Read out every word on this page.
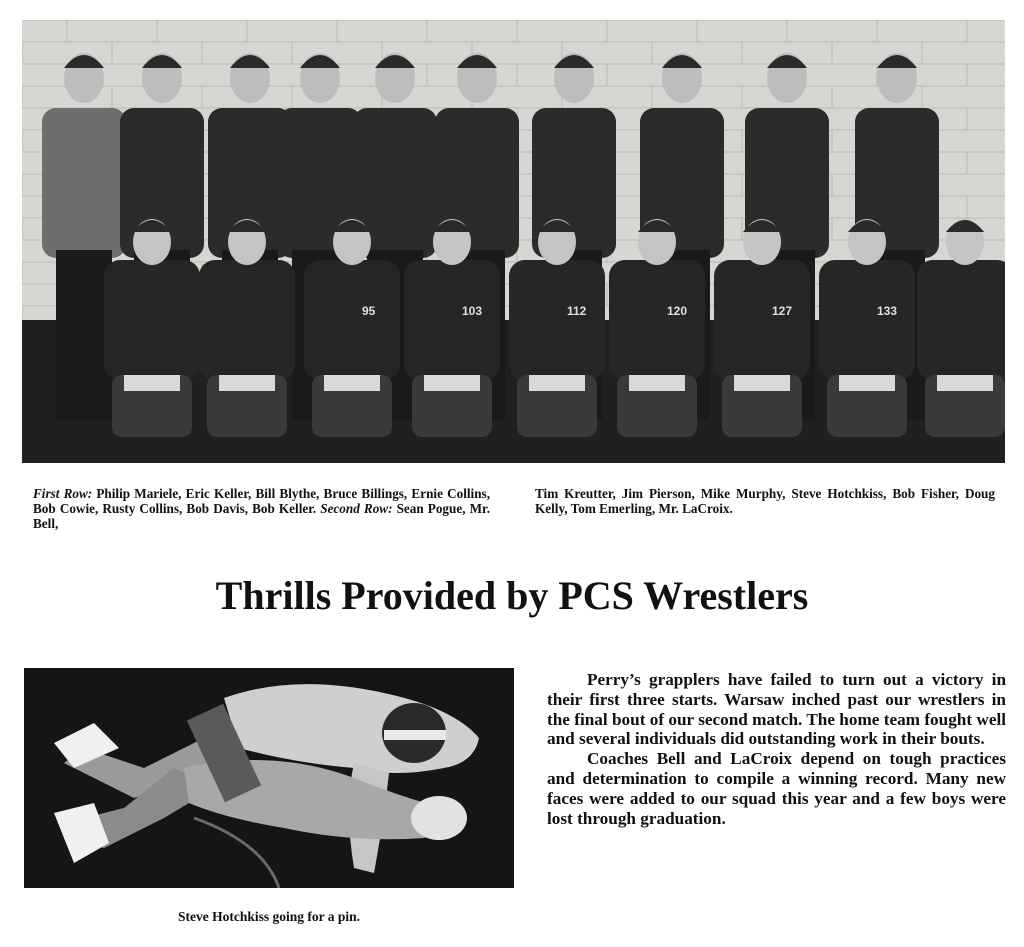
95	103	112	120	127	133
First Row: Philip Mariele, Eric Keller, Bill Blythe, Bruce Billings, Ernie Collins, Bob Cowie, Rusty Collins, Bob Davis, Bob Keller. Second Row: Sean Pogue, Mr. Bell,
Tim Kreutter, Jim Pierson, Mike Murphy, Steve Hotchkiss, Bob Fisher, Doug Kelly, Tom Emerling, Mr. LaCroix.
Thrills Provided by PCS Wrestlers

Perry’s grapplers have failed to turn out a victory in their first three starts. Warsaw inched past our wrestlers in the final bout of our second match. The home team fought well and several individuals did outstanding work in their bouts.

Coaches Bell and LaCroix depend on tough practices and determination to compile a winning record. Many new faces were added to our squad this year and a few boys were lost through graduation.

Steve Hotchkiss going for a pin.
